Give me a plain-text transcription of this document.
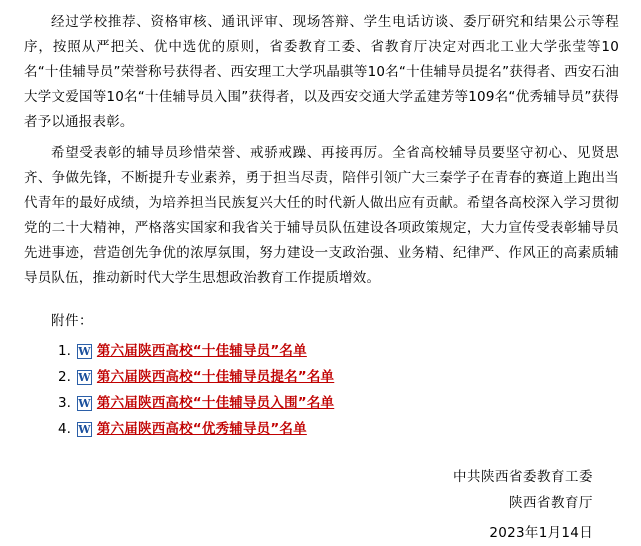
经过学校推荐、资格审核、通讯评审、现场答辩、学生电话访谈、委厅研究和结果公示等程序，按照从严把关、优中选优的原则，省委教育工委、省教育厅决定对西北工业大学张莹等10名“十佳辅导员”荣誉称号获得者、西安理工大学巩晶骐等10名“十佳辅导员提名”获得者、西安石油大学文爱国等10名“十佳辅导员入围”获得者，以及西安交通大学孟建芳等109名“优秀辅导员”获得者予以通报表彰。

希望受表彰的辅导员珍惜荣誉、戒骄戒躁、再接再厉。全省高校辅导员要坚守初心、见贤思齐、争做先锋，不断提升专业素养，勇于担当尽责，陪伴引领广大三秦学子在青春的赛道上跑出当代青年的最好成绩，为培养担当民族复兴大任的时代新人做出应有贡献。希望各高校深入学习贯彻党的二十大精神，严格落实国家和我省关于辅导员队伍建设各项政策规定，大力宣传受表彰辅导员先进事迹，营造创先争优的浓厚氛围，努力建设一支政治强、业务精、纪律严、作风正的高素质辅导员队伍，推动新时代大学生思想政治教育工作提质增效。

附件：
1. W 第六届陕西高校“十佳辅导员”名单
2. W 第六届陕西高校“十佳辅导员提名”名单
3. W 第六届陕西高校“十佳辅导员入围”名单
4. W 第六届陕西高校“优秀辅导员”名单
中共陕西省委教育工委
陕西省教育厅
2023年1月14日
